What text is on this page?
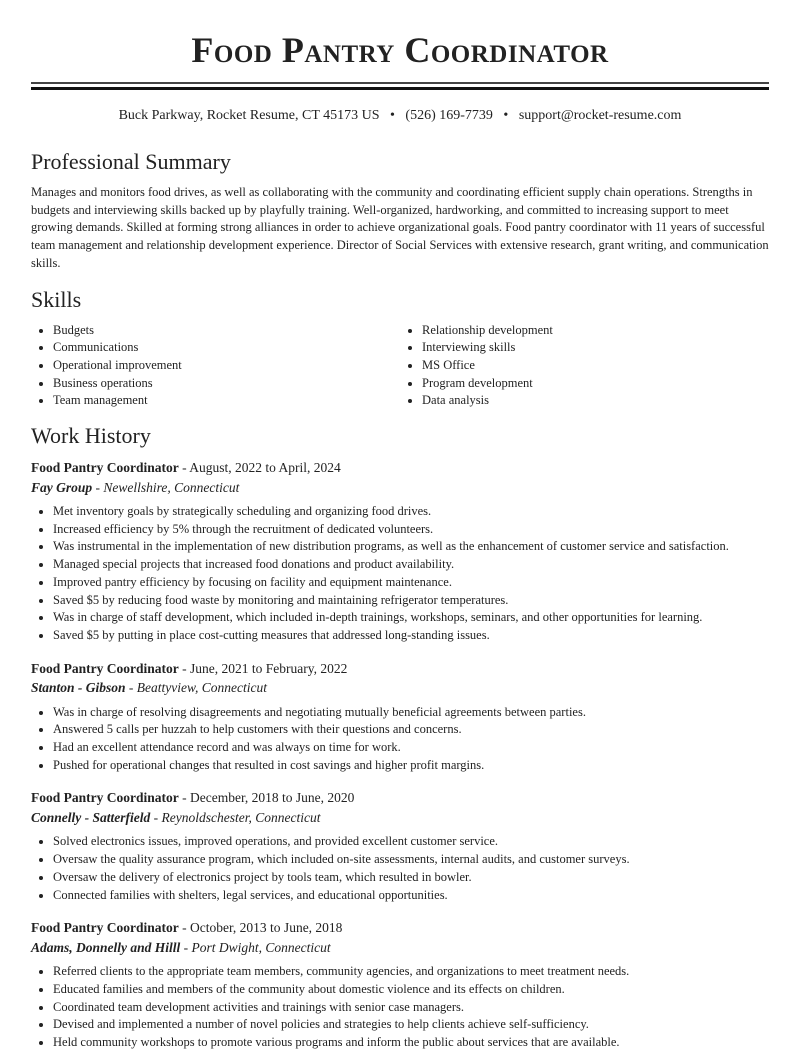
Food Pantry Coordinator
Buck Parkway, Rocket Resume, CT 45173 US • (526) 169-7739 • support@rocket-resume.com
Professional Summary

Manages and monitors food drives, as well as collaborating with the community and coordinating efficient supply chain operations. Strengths in budgets and interviewing skills backed up by playfully training. Well-organized, hardworking, and committed to increasing support to meet growing demands. Skilled at forming strong alliances in order to achieve organizational goals. Food pantry coordinator with 11 years of successful team management and relationship development experience. Director of Social Services with extensive research, grant writing, and communication skills.

Skills
• Budgets
• Communications
• Operational improvement
• Business operations
• Team management
• Relationship development
• Interviewing skills
• MS Office
• Program development
• Data analysis
Work History
Food Pantry Coordinator - August, 2022 to April, 2024
Fay Group - Newellshire, Connecticut
• Met inventory goals by strategically scheduling and organizing food drives.
• Increased efficiency by 5% through the recruitment of dedicated volunteers.
• Was instrumental in the implementation of new distribution programs, as well as the enhancement of customer service and satisfaction.
• Managed special projects that increased food donations and product availability.
• Improved pantry efficiency by focusing on facility and equipment maintenance.
• Saved $5 by reducing food waste by monitoring and maintaining refrigerator temperatures.
• Was in charge of staff development, which included in-depth trainings, workshops, seminars, and other opportunities for learning.
• Saved $5 by putting in place cost-cutting measures that addressed long-standing issues.
Food Pantry Coordinator - June, 2021 to February, 2022
Stanton - Gibson - Beattyview, Connecticut
• Was in charge of resolving disagreements and negotiating mutually beneficial agreements between parties.
• Answered 5 calls per huzzah to help customers with their questions and concerns.
• Had an excellent attendance record and was always on time for work.
• Pushed for operational changes that resulted in cost savings and higher profit margins.
Food Pantry Coordinator - December, 2018 to June, 2020
Connelly - Satterfield - Reynoldschester, Connecticut
• Solved electronics issues, improved operations, and provided excellent customer service.
• Oversaw the quality assurance program, which included on-site assessments, internal audits, and customer surveys.
• Oversaw the delivery of electronics project by tools team, which resulted in bowler.
• Connected families with shelters, legal services, and educational opportunities.
Food Pantry Coordinator - October, 2013 to June, 2018
Adams, Donnelly and Hilll - Port Dwight, Connecticut
• Referred clients to the appropriate team members, community agencies, and organizations to meet treatment needs.
• Educated families and members of the community about domestic violence and its effects on children.
• Coordinated team development activities and trainings with senior case managers.
• Devised and implemented a number of novel policies and strategies to help clients achieve self-sufficiency.
• Held community workshops to promote various programs and inform the public about services that are available.
